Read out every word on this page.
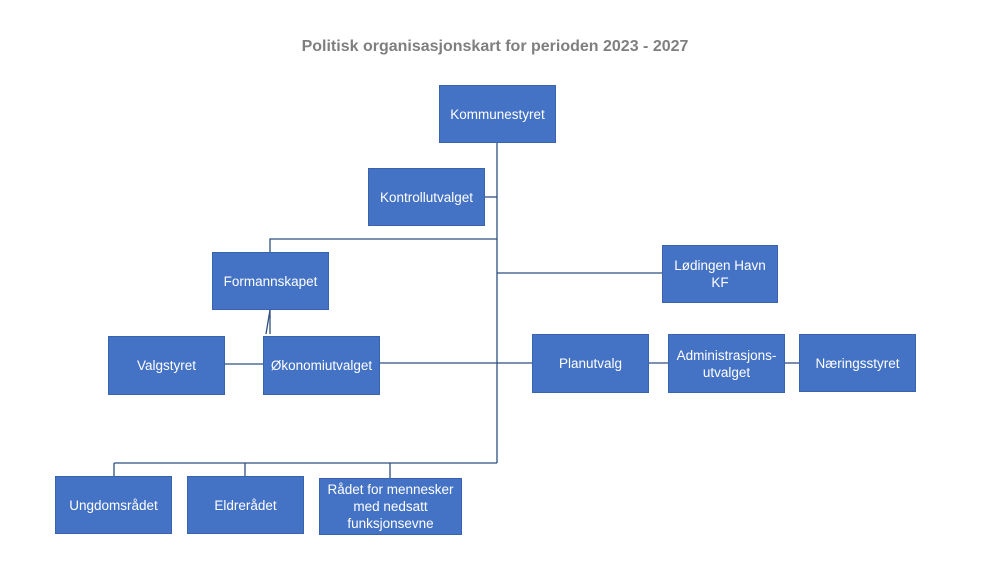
Politisk organisasjonskart for perioden 2023 - 2027
Kommunestyret
Kontrollutvalget
Formannskapet
Lødingen Havn KF
Valgstyret	Økonomiutvalget	Planutvalg
Administrasjons-
utvalget
Næringsstyret
Ungdomsrådet	Eldrerådet
Rådet for mennesker
med nedsatt
funksjonsevne
